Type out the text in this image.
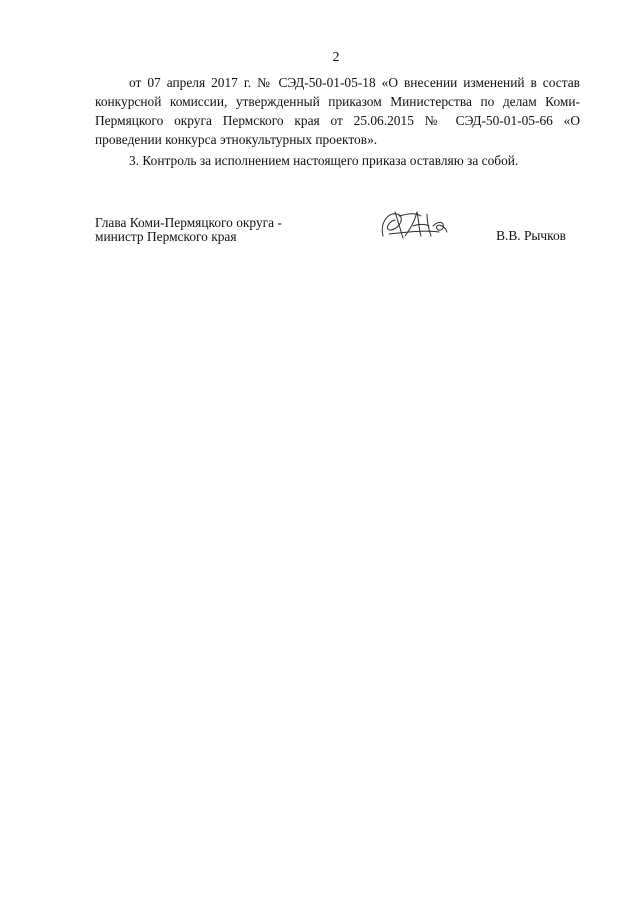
2

от 07 апреля 2017 г. № СЭД-50-01-05-18 «О внесении изменений в состав конкурсной комиссии, утвержденный приказом Министерства по делам Коми-Пермяцкого округа Пермского края от 25.06.2015 № СЭД-50-01-05-66 «О проведении конкурса этнокультурных проектов».

3. Контроль за исполнением настоящего приказа оставляю за собой.

Глава Коми-Пермяцкого округа -
министр Пермского края	В.В. Рычков
